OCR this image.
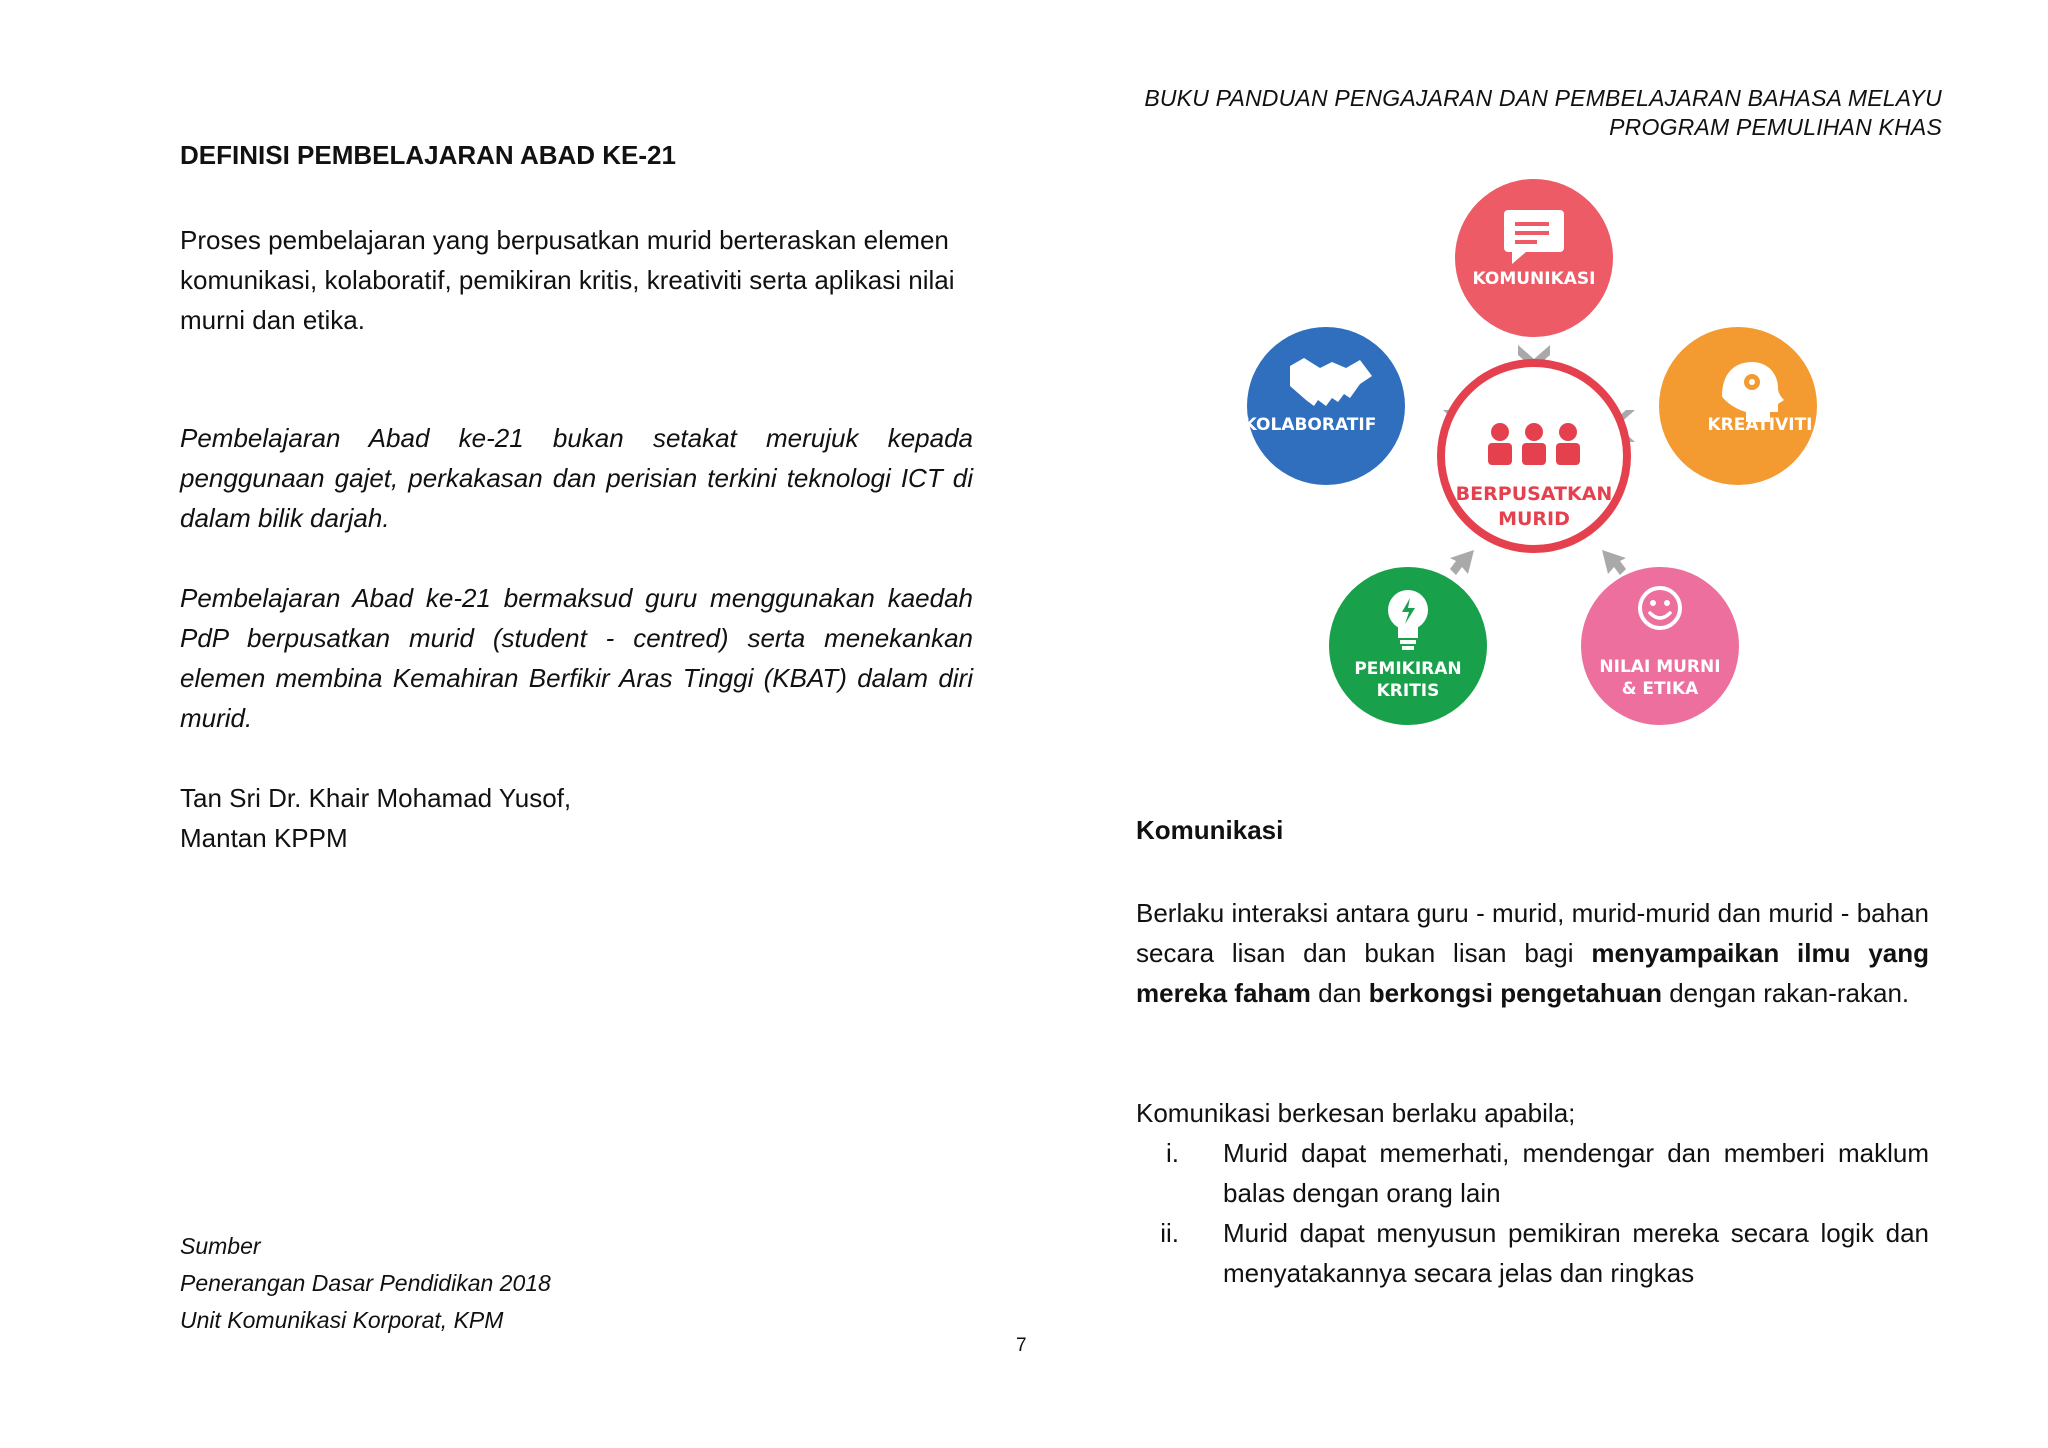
BUKU PANDUAN PENGAJARAN DAN PEMBELAJARAN BAHASA MELAYU
PROGRAM PEMULIHAN KHAS
DEFINISI PEMBELAJARAN ABAD KE-21
Proses pembelajaran yang berpusatkan murid berteraskan elemen komunikasi, kolaboratif, pemikiran kritis, kreativiti serta aplikasi nilai murni dan etika.
Pembelajaran Abad ke-21 bukan setakat merujuk kepada penggunaan gajet, perkakasan dan perisian terkini teknologi ICT di dalam bilik darjah.
Pembelajaran Abad ke-21 bermaksud guru menggunakan kaedah PdP berpusatkan murid (student - centred) serta menekankan elemen membina Kemahiran Berfikir Aras Tinggi (KBAT) dalam diri murid.
Tan Sri Dr. Khair Mohamad Yusof,
Mantan KPPM
Sumber
Penerangan Dasar Pendidikan 2018
Unit Komunikasi Korporat, KPM
7
BERPUSATKAN
MURID
KOMUNIKASI
KOLABORATIF	KREATIVITI
PEMIKIRAN
KRITIS
NILAI MURNI
& ETIKA
Komunikasi
Berlaku interaksi antara guru - murid, murid-murid dan murid - bahan secara lisan dan bukan lisan bagi menyampaikan ilmu yang mereka faham dan berkongsi pengetahuan dengan rakan-rakan.
Komunikasi berkesan berlaku apabila;
i.	Murid dapat memerhati, mendengar dan memberi maklum balas dengan orang lain
ii.	Murid dapat menyusun pemikiran mereka secara logik dan menyatakannya secara jelas dan ringkas
